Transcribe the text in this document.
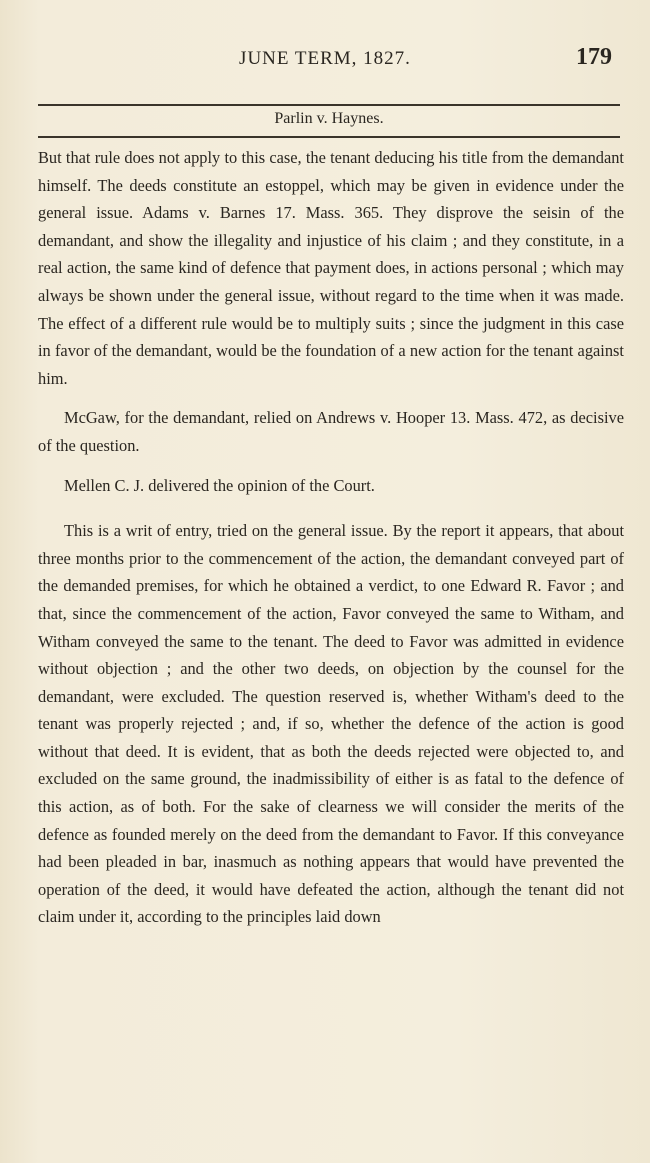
JUNE TERM, 1827.	179
Parlin v. Haynes.

But that rule does not apply to this case, the tenant deducing his title from the demandant himself. The deeds constitute an estoppel, which may be given in evidence under the general issue. Adams v. Barnes 17. Mass. 365. They disprove the seisin of the demandant, and show the illegality and injustice of his claim ; and they constitute, in a real action, the same kind of defence that payment does, in actions personal ; which may always be shown under the general issue, without regard to the time when it was made. The effect of a different rule would be to multiply suits ; since the judgment in this case in favor of the demandant, would be the foundation of a new action for the tenant against him.

McGaw, for the demandant, relied on Andrews v. Hooper 13. Mass. 472, as decisive of the question.

Mellen C. J. delivered the opinion of the Court.

This is a writ of entry, tried on the general issue. By the report it appears, that about three months prior to the commencement of the action, the demandant conveyed part of the demanded premises, for which he obtained a verdict, to one Edward R. Favor ; and that, since the commencement of the action, Favor conveyed the same to Witham, and Witham conveyed the same to the tenant. The deed to Favor was admitted in evidence without objection ; and the other two deeds, on objection by the counsel for the demandant, were excluded. The question reserved is, whether Witham's deed to the tenant was properly rejected ; and, if so, whether the defence of the action is good without that deed. It is evident, that as both the deeds rejected were objected to, and excluded on the same ground, the inadmissibility of either is as fatal to the defence of this action, as of both. For the sake of clearness we will consider the merits of the defence as founded merely on the deed from the demandant to Favor. If this conveyance had been pleaded in bar, inasmuch as nothing appears that would have prevented the operation of the deed, it would have defeated the action, although the tenant did not claim under it, according to the principles laid down
